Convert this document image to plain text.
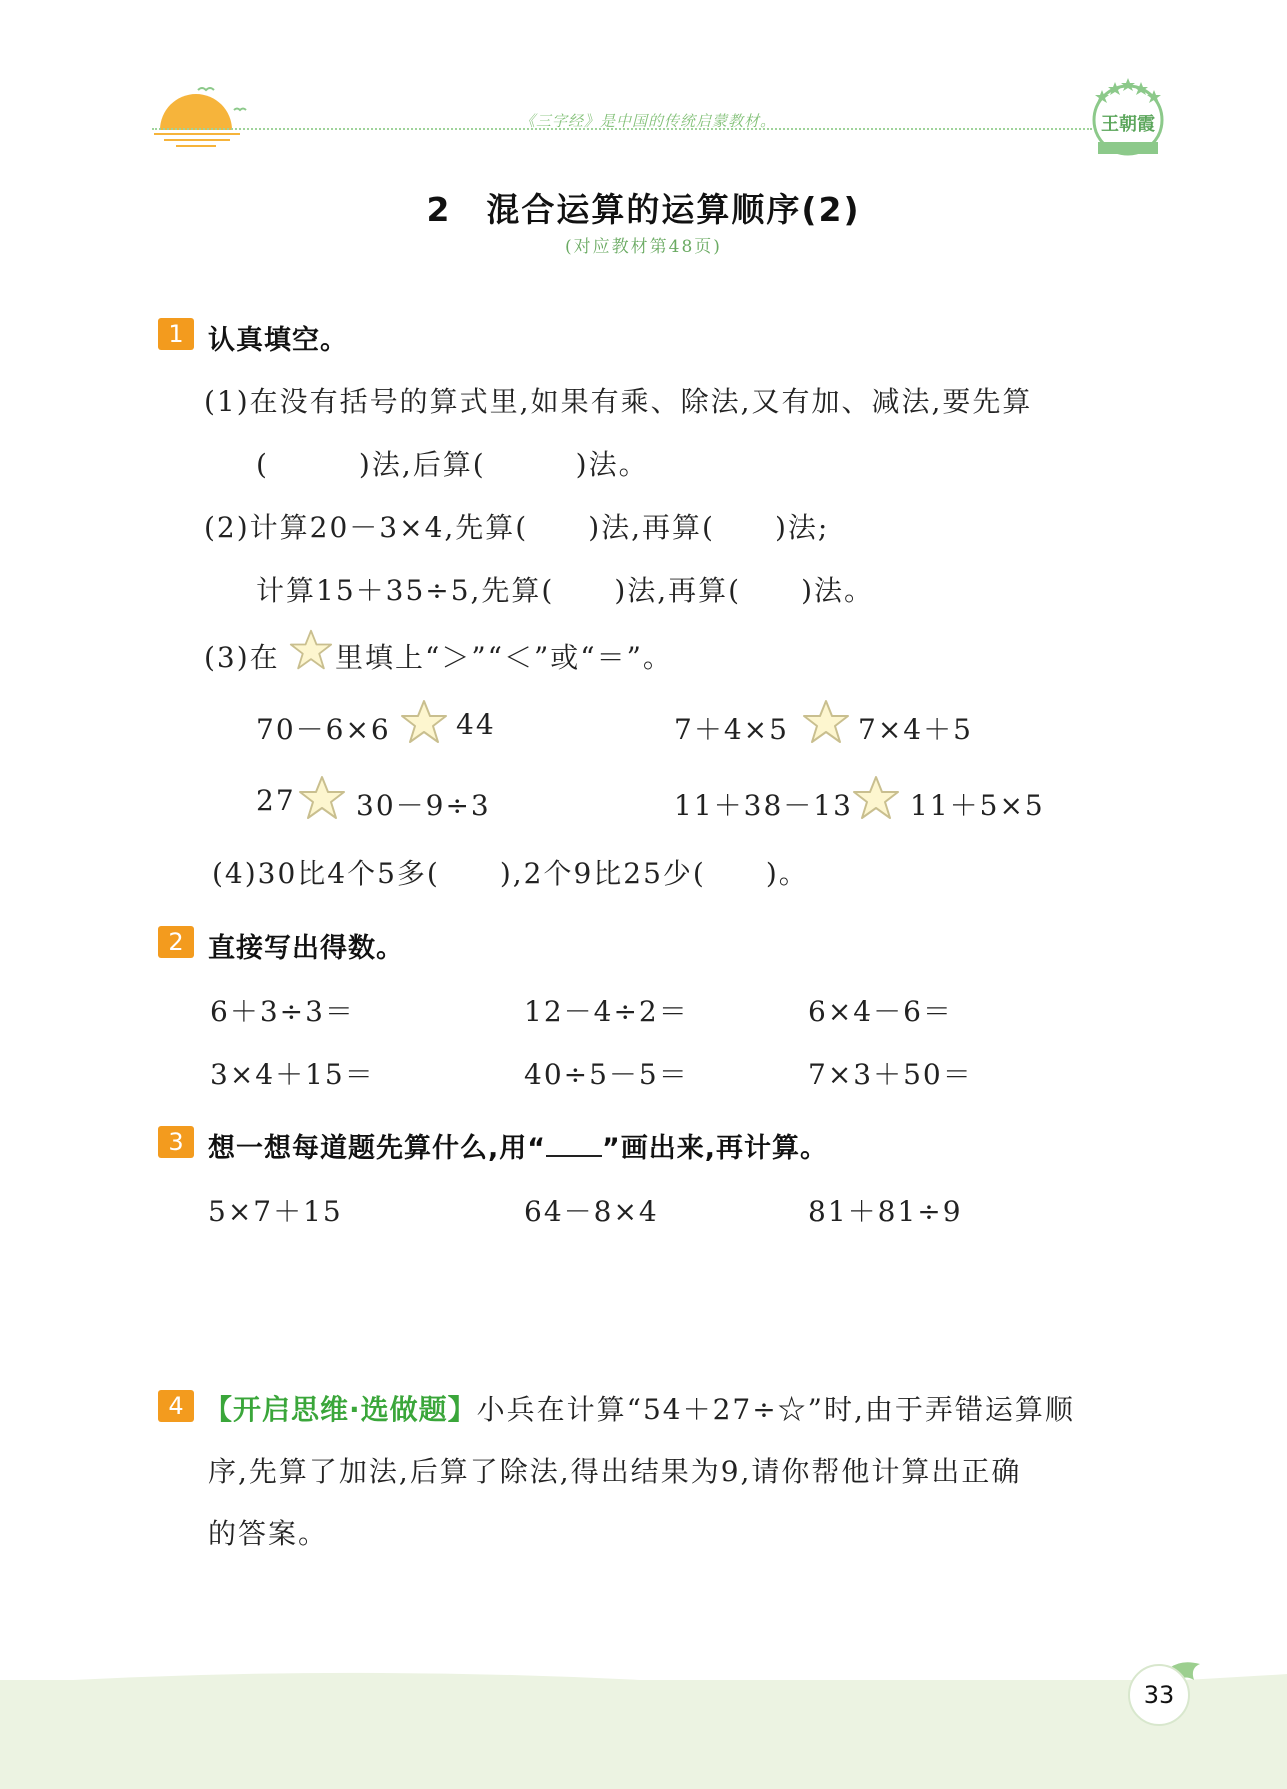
《三字经》是中国的传统启蒙教材。	王朝霞
2　混合运算的运算顺序(2)
(对应教材第48页)
1 认真填空。
(1)在没有括号的算式里,如果有乘、除法,又有加、减法,要先算
(　　　)法,后算(　　　)法。
(2)计算20－3×4,先算(　　)法,再算(　　)法;
计算15＋35÷5,先算(　　)法,再算(　　)法。
(3)在 里填上“＞”“＜”或“＝”。
70－6×6 44	7＋4×5 7×4＋5
27 30－9÷3	11＋38－13 11＋5×5
(4)30比4个5多(　　),2个9比25少(　　)。
2 直接写出得数。
6＋3÷3＝	12－4÷2＝	6×4－6＝
3×4＋15＝	40÷5－5＝	7×3＋50＝
3 想一想每道题先算什么,用“ ”画出来,再计算。
5×7＋15	64－8×4	81＋81÷9
4 【开启思维·选做题】小兵在计算“54＋27÷☆”时,由于弄错运算顺
序,先算了加法,后算了除法,得出结果为9,请你帮他计算出正确
的答案。
33
